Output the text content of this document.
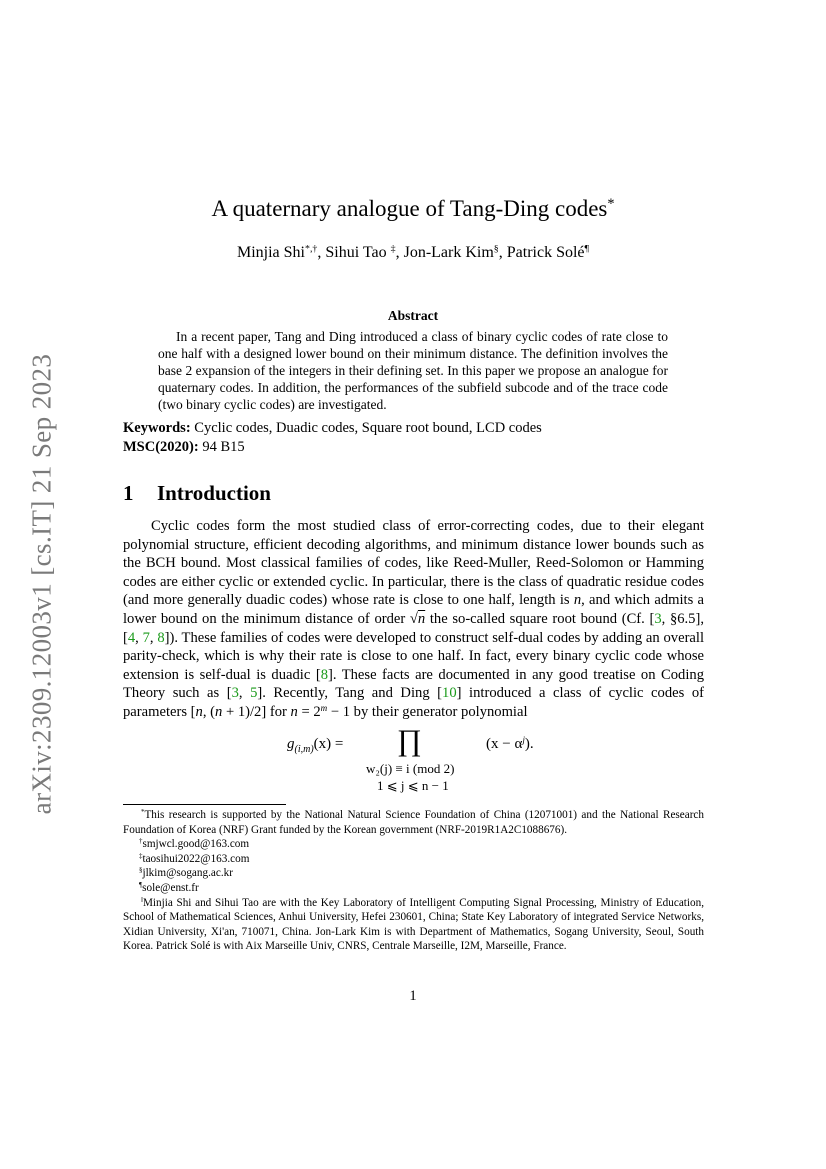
arXiv:2309.12003v1 [cs.IT] 21 Sep 2023
A quaternary analogue of Tang-Ding codes*
Minjia Shi*,†, Sihui Tao ‡, Jon-Lark Kim§, Patrick Solé¶
Abstract

In a recent paper, Tang and Ding introduced a class of binary cyclic codes of rate close to one half with a designed lower bound on their minimum distance. The definition involves the base 2 expansion of the integers in their defining set. In this paper we propose an analogue for quaternary codes. In addition, the performances of the subfield subcode and of the trace code (two binary cyclic codes) are investigated.

Keywords: Cyclic codes, Duadic codes, Square root bound, LCD codes
MSC(2020): 94 B15
1 Introduction

Cyclic codes form the most studied class of error-correcting codes, due to their elegant polynomial structure, efficient decoding algorithms, and minimum distance lower bounds such as the BCH bound. Most classical families of codes, like Reed-Muller, Reed-Solomon or Hamming codes are either cyclic or extended cyclic. In particular, there is the class of quadratic residue codes (and more generally duadic codes) whose rate is close to one half, length is n, and which admits a lower bound on the minimum distance of order √n the so-called square root bound (Cf. [3, §6.5], [4, 7, 8]). These families of codes were developed to construct self-dual codes by adding an overall parity-check, which is why their rate is close to one half. In fact, every binary cyclic code whose extension is self-dual is duadic [8]. These facts are documented in any good treatise on Coding Theory such as [3, 5]. Recently, Tang and Ding [10] introduced a class of cyclic codes of parameters [n, (n + 1)/2] for $n = 2^m - 1$ by their generator polynomial

$g_{(i,m)}(x)$ = ∏	$(x - \alpha^j)$.
w₂(j) ≡ i (mod 2)
1 ⩽ j ⩽ n − 1

*This research is supported by the National Natural Science Foundation of China (12071001) and the National Research Foundation of Korea (NRF) Grant funded by the Korean government (NRF-2019R1A2C1088676).

†smjwcl.good@163.com

‡taosihui2022@163.com

§jlkim@sogang.ac.kr

¶sole@enst.fr

‖Minjia Shi and Sihui Tao are with the Key Laboratory of Intelligent Computing Signal Processing, Ministry of Education, School of Mathematical Sciences, Anhui University, Hefei 230601, China; State Key Laboratory of integrated Service Networks, Xidian University, Xi'an, 710071, China. Jon-Lark Kim is with Department of Mathematics, Sogang University, Seoul, South Korea. Patrick Solé is with Aix Marseille Univ, CNRS, Centrale Marseille, I2M, Marseille, France.

1
